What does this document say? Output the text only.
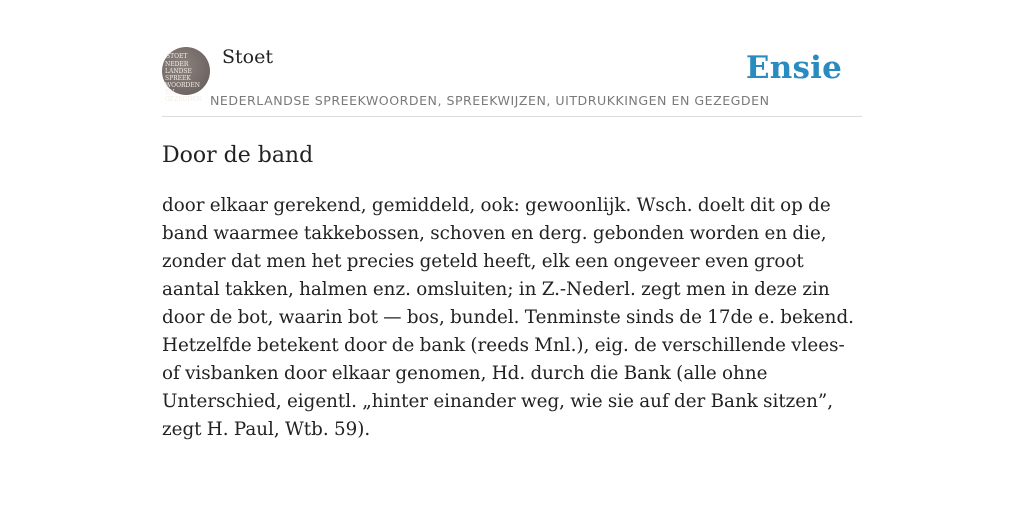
STOET
NEDER
LANDSE
SPREEK
WOORDEN EN
GEZEGDEN
Stoet	Ensie
NEDERLANDSE SPREEKWOORDEN, SPREEKWIJZEN, UITDRUKKINGEN EN GEZEGDEN
Door de band

door elkaar gerekend, gemiddeld, ook: gewoonlijk. Wsch. doelt dit op de band waarmee takkebossen, schoven en derg. gebonden worden en die, zonder dat men het precies geteld heeft, elk een ongeveer even groot aantal takken, halmen enz. omsluiten; in Z.-Nederl. zegt men in deze zin door de bot, waarin bot — bos, bundel. Tenminste sinds de 17de e. bekend. Hetzelfde betekent door de bank (reeds Mnl.), eig. de verschillende vlees- of visbanken door elkaar genomen, Hd. durch die Bank (alle ohne Unterschied, eigentl. „hinter einander weg, wie sie auf der Bank sitzen”, zegt H. Paul, Wtb. 59).
